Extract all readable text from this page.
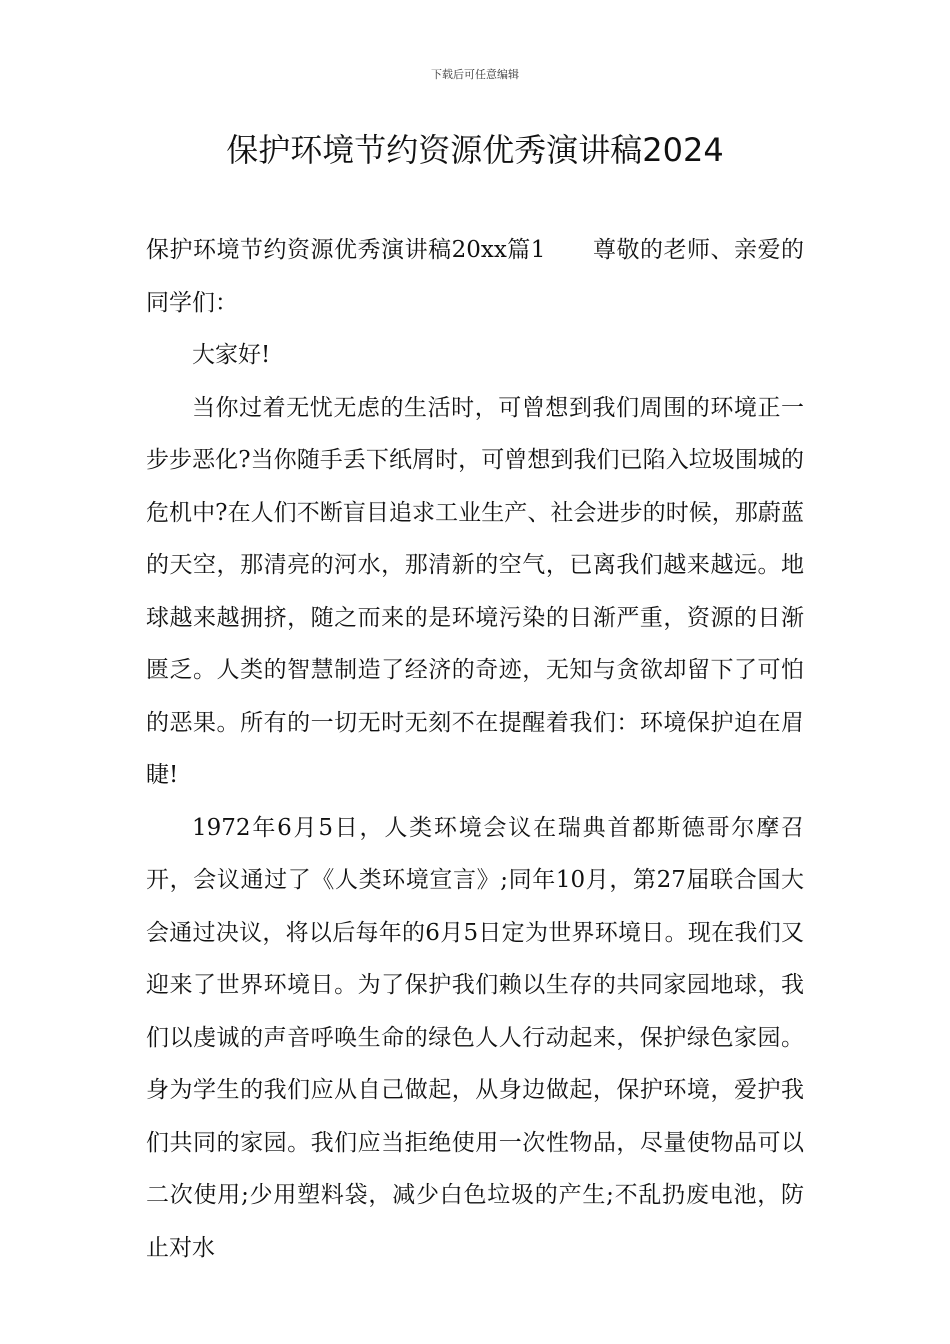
下载后可任意编辑
保护环境节约资源优秀演讲稿2024

保护环境节约资源优秀演讲稿20xx篇1　　尊敬的老师、亲爱的同学们：

大家好!

当你过着无忧无虑的生活时，可曾想到我们周围的环境正一步步恶化?当你随手丢下纸屑时，可曾想到我们已陷入垃圾围城的危机中?在人们不断盲目追求工业生产、社会进步的时候，那蔚蓝的天空，那清亮的河水，那清新的空气，已离我们越来越远。地球越来越拥挤，随之而来的是环境污染的日渐严重，资源的日渐匮乏。人类的智慧制造了经济的奇迹，无知与贪欲却留下了可怕的恶果。所有的一切无时无刻不在提醒着我们：环境保护迫在眉睫!

1972年6月5日，人类环境会议在瑞典首都斯德哥尔摩召开，会议通过了《人类环境宣言》;同年10月，第27届联合国大会通过决议，将以后每年的6月5日定为世界环境日。现在我们又迎来了世界环境日。为了保护我们赖以生存的共同家园地球，我们以虔诚的声音呼唤生命的绿色人人行动起来，保护绿色家园。身为学生的我们应从自己做起，从身边做起，保护环境，爱护我们共同的家园。我们应当拒绝使用一次性物品，尽量使物品可以二次使用;少用塑料袋，减少白色垃圾的产生;不乱扔废电池，防止对水
